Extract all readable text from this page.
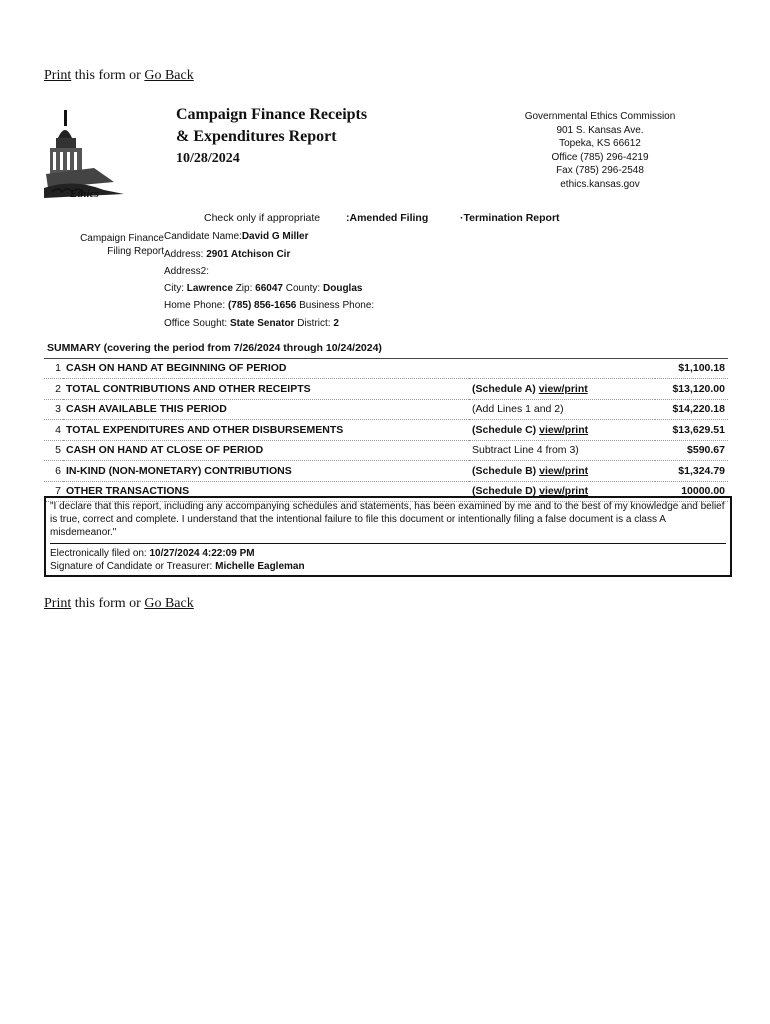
Print this form or Go Back
Ethics
Campaign Finance Receipts
& Expenditures Report
10/28/2024
Governmental Ethics Commission
901 S. Kansas Ave.
Topeka, KS 66612
Office (785) 296-4219
Fax (785) 296-2548
ethics.kansas.gov
Check only if appropriate :Amended Filing	·Termination Report
Campaign Finance
Filing Report
Candidate Name:David G Miller
Address: 2901 Atchison Cir
Address2:
City: Lawrence Zip: 66047 County: Douglas
Home Phone: (785) 856-1656 Business Phone:
Office Sought: State Senator District: 2
SUMMARY (covering the period from 7/26/2024 through 10/24/2024)			
1	CASH ON HAND AT BEGINNING OF PERIOD		$1,100.18
2	TOTAL CONTRIBUTIONS AND OTHER RECEIPTS	(Schedule A) view/print	$13,120.00
3	CASH AVAILABLE THIS PERIOD	(Add Lines 1 and 2)	$14,220.18
4	TOTAL EXPENDITURES AND OTHER DISBURSEMENTS	(Schedule C) view/print	$13,629.51
5	CASH ON HAND AT CLOSE OF PERIOD	Subtract Line 4 from 3)	$590.67
6	IN-KIND (NON-MONETARY) CONTRIBUTIONS	(Schedule B) view/print	$1,324.79
7	OTHER TRANSACTIONS	(Schedule D) view/print	10000.00
"I declare that this report, including any accompanying schedules and statements, has been examined by me and to the best of my knowledge and belief is true, correct and complete. I understand that the intentional failure to file this document or intentionally filing a false document is a class A misdemeanor."
Electronically filed on: 10/27/2024 4:22:09 PM
Signature of Candidate or Treasurer: Michelle Eagleman
Print this form or Go Back
